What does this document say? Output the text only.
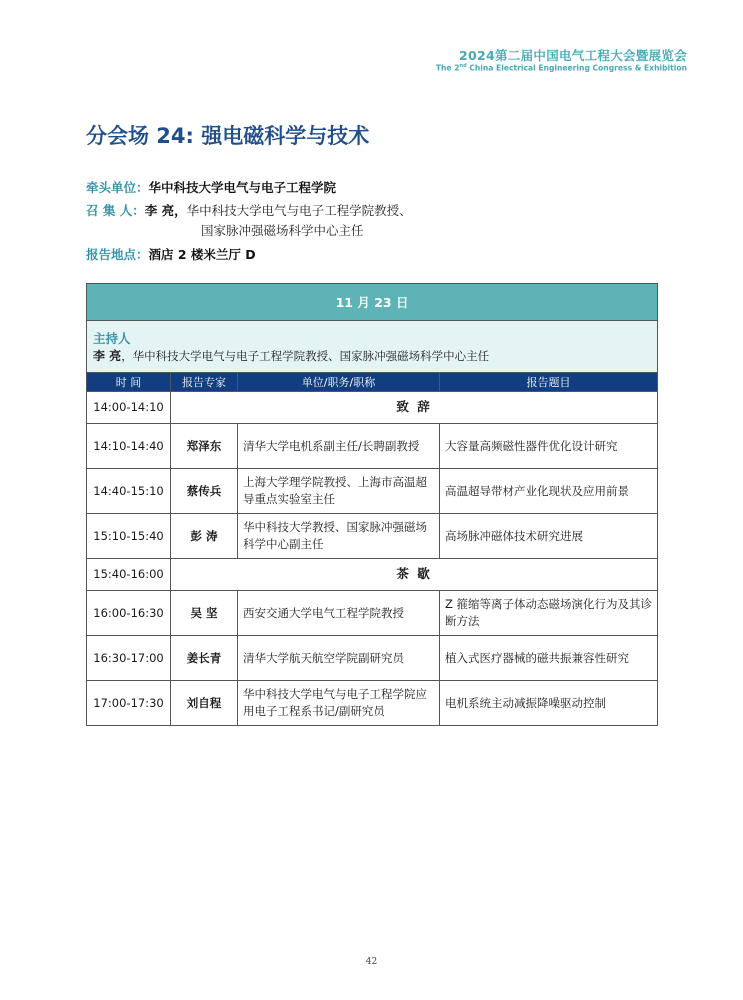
2024第二届中国电气工程大会暨展览会
The 2nd China Electrical Engineering Congress & Exhibition
分会场 24: 强电磁科学与技术
牵头单位：华中科技大学电气与电子工程学院
召 集 人：李 亮，华中科技大学电气与电子工程学院教授、
国家脉冲强磁场科学中心主任
报告地点：酒店 2 楼米兰厅 D
11 月 23 日			

主持人
李 亮，华中科技大学电气与电子工程学院教授、国家脉冲强磁场科学中心主任			
时 间	报告专家	单位/职务/职称	报告题目
14:00-14:10	致 辞		
14:10-14:40	郑泽东	清华大学电机系副主任/长聘副教授	大容量高频磁性器件优化设计研究
14:40-15:10	蔡传兵	上海大学理学院教授、上海市高温超导重点实验室主任	高温超导带材产业化现状及应用前景
15:10-15:40	彭 涛	华中科技大学教授、国家脉冲强磁场科学中心副主任	高场脉冲磁体技术研究进展
15:40-16:00	茶 歇		
16:00-16:30	吴 坚	西安交通大学电气工程学院教授	Z 箍缩等离子体动态磁场演化行为及其诊断方法
16:30-17:00	姜长青	清华大学航天航空学院副研究员	植入式医疗器械的磁共振兼容性研究
17:00-17:30	刘自程	华中科技大学电气与电子工程学院应用电子工程系书记/副研究员	电机系统主动减振降噪驱动控制
42
